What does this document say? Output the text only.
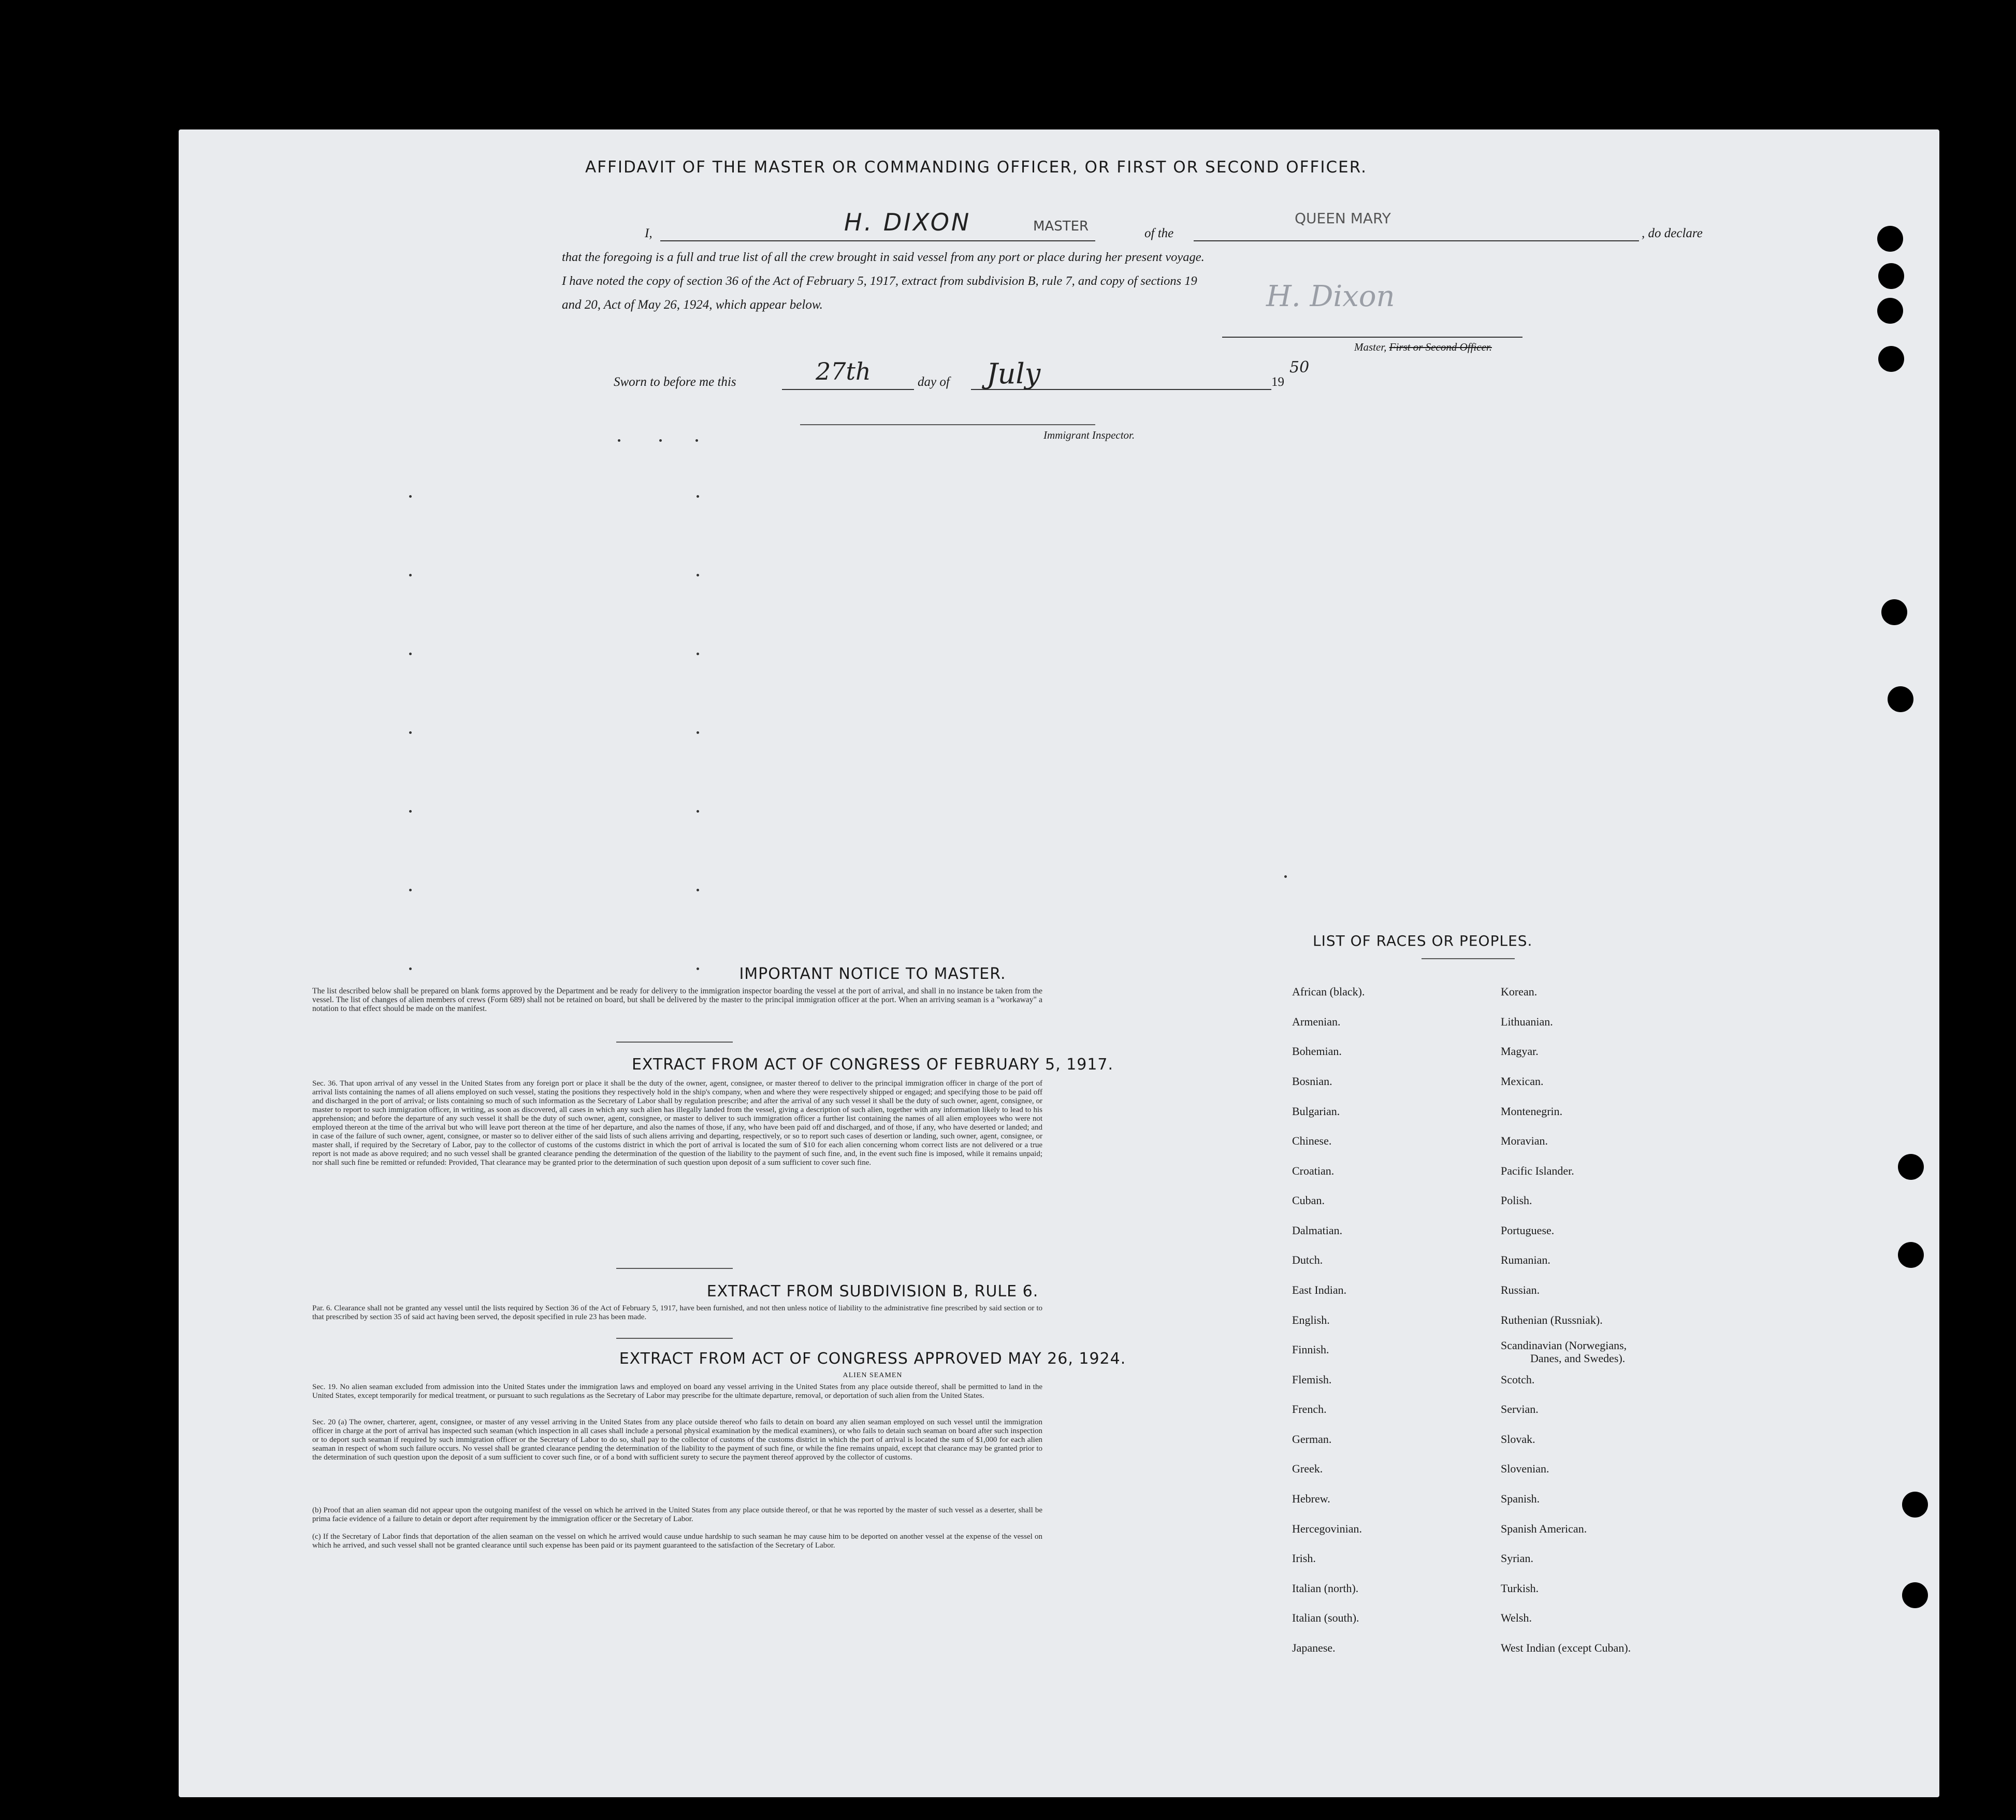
AFFIDAVIT OF THE MASTER OR COMMANDING OFFICER, OR FIRST OR SECOND OFFICER.
I,	H. DIXON	MASTER	of the
QUEEN MARY
, do declare
that the foregoing is a full and true list of all the crew brought in said vessel from any port or place during her present voyage.
I have noted the copy of section 36 of the Act of February 5, 1917, extract from subdivision B, rule 7, and copy of sections 19
and 20, Act of May 26, 1924, which appear below.	H. Dixon
Master, First or Second Officer.
Sworn to before me this	27th	day of July	19
50
Immigrant Inspector.
IMPORTANT NOTICE TO MASTER.
The list described below shall be prepared on blank forms approved by the Department and be ready for delivery to the immigration inspector boarding the vessel at the port of arrival, and shall in no instance be taken from the vessel. The list of changes of alien members of crews (Form 689) shall not be retained on board, but shall be delivered by the master to the principal immigration officer at the port. When an arriving seaman is a "workaway" a notation to that effect should be made on the manifest.
EXTRACT FROM ACT OF CONGRESS OF FEBRUARY 5, 1917.
Sec. 36. That upon arrival of any vessel in the United States from any foreign port or place it shall be the duty of the owner, agent, consignee, or master thereof to deliver to the principal immigration officer in charge of the port of arrival lists containing the names of all aliens employed on such vessel, stating the positions they respectively hold in the ship's company, when and where they were respectively shipped or engaged; and specifying those to be paid off and discharged in the port of arrival; or lists containing so much of such information as the Secretary of Labor shall by regulation prescribe; and after the arrival of any such vessel it shall be the duty of such owner, agent, consignee, or master to report to such immigration officer, in writing, as soon as discovered, all cases in which any such alien has illegally landed from the vessel, giving a description of such alien, together with any information likely to lead to his apprehension; and before the departure of any such vessel it shall be the duty of such owner, agent, consignee, or master to deliver to such immigration officer a further list containing the names of all alien employees who were not employed thereon at the time of the arrival but who will leave port thereon at the time of her departure, and also the names of those, if any, who have been paid off and discharged, and of those, if any, who have deserted or landed; and in case of the failure of such owner, agent, consignee, or master so to deliver either of the said lists of such aliens arriving and departing, respectively, or so to report such cases of desertion or landing, such owner, agent, consignee, or master shall, if required by the Secretary of Labor, pay to the collector of customs of the customs district in which the port of arrival is located the sum of $10 for each alien concerning whom correct lists are not delivered or a true report is not made as above required; and no such vessel shall be granted clearance pending the determination of the question of the liability to the payment of such fine, and, in the event such fine is imposed, while it remains unpaid; nor shall such fine be remitted or refunded: Provided, That clearance may be granted prior to the determination of such question upon deposit of a sum sufficient to cover such fine.
EXTRACT FROM SUBDIVISION B, RULE 6.
Par. 6. Clearance shall not be granted any vessel until the lists required by Section 36 of the Act of February 5, 1917, have been furnished, and not then unless notice of liability to the administrative fine prescribed by said section or to that prescribed by section 35 of said act having been served, the deposit specified in rule 23 has been made.
EXTRACT FROM ACT OF CONGRESS APPROVED MAY 26, 1924.
ALIEN SEAMEN
Sec. 19. No alien seaman excluded from admission into the United States under the immigration laws and employed on board any vessel arriving in the United States from any place outside thereof, shall be permitted to land in the United States, except temporarily for medical treatment, or pursuant to such regulations as the Secretary of Labor may prescribe for the ultimate departure, removal, or deportation of such alien from the United States.
Sec. 20 (a) The owner, charterer, agent, consignee, or master of any vessel arriving in the United States from any place outside thereof who fails to detain on board any alien seaman employed on such vessel until the immigration officer in charge at the port of arrival has inspected such seaman (which inspection in all cases shall include a personal physical examination by the medical examiners), or who fails to detain such seaman on board after such inspection or to deport such seaman if required by such immigration officer or the Secretary of Labor to do so, shall pay to the collector of customs of the customs district in which the port of arrival is located the sum of $1,000 for each alien seaman in respect of whom such failure occurs. No vessel shall be granted clearance pending the determination of the liability to the payment of such fine, or while the fine remains unpaid, except that clearance may be granted prior to the determination of such question upon the deposit of a sum sufficient to cover such fine, or of a bond with sufficient surety to secure the payment thereof approved by the collector of customs.
(b) Proof that an alien seaman did not appear upon the outgoing manifest of the vessel on which he arrived in the United States from any place outside thereof, or that he was reported by the master of such vessel as a deserter, shall be prima facie evidence of a failure to detain or deport after requirement by the immigration officer or the Secretary of Labor.
(c) If the Secretary of Labor finds that deportation of the alien seaman on the vessel on which he arrived would cause undue hardship to such seaman he may cause him to be deported on another vessel at the expense of the vessel on which he arrived, and such vessel shall not be granted clearance until such expense has been paid or its payment guaranteed to the satisfaction of the Secretary of Labor.
LIST OF RACES OR PEOPLES.
African (black).
Armenian.
Bohemian.
Bosnian.
Bulgarian.
Chinese.
Croatian.
Cuban.
Dalmatian.
Dutch.
East Indian.
English.
Finnish.
Flemish.
French.
German.
Greek.
Hebrew.
Hercegovinian.
Irish.
Italian (north).
Italian (south).
Japanese.
Korean.
Lithuanian.
Magyar.
Mexican.
Montenegrin.
Moravian.
Pacific Islander.
Polish.
Portuguese.
Rumanian.
Russian.
Ruthenian (Russniak).
Scandinavian (Norwegians,
Danes, and Swedes).
Scotch.
Servian.
Slovak.
Slovenian.
Spanish.
Spanish American.
Syrian.
Turkish.
Welsh.
West Indian (except Cuban).
